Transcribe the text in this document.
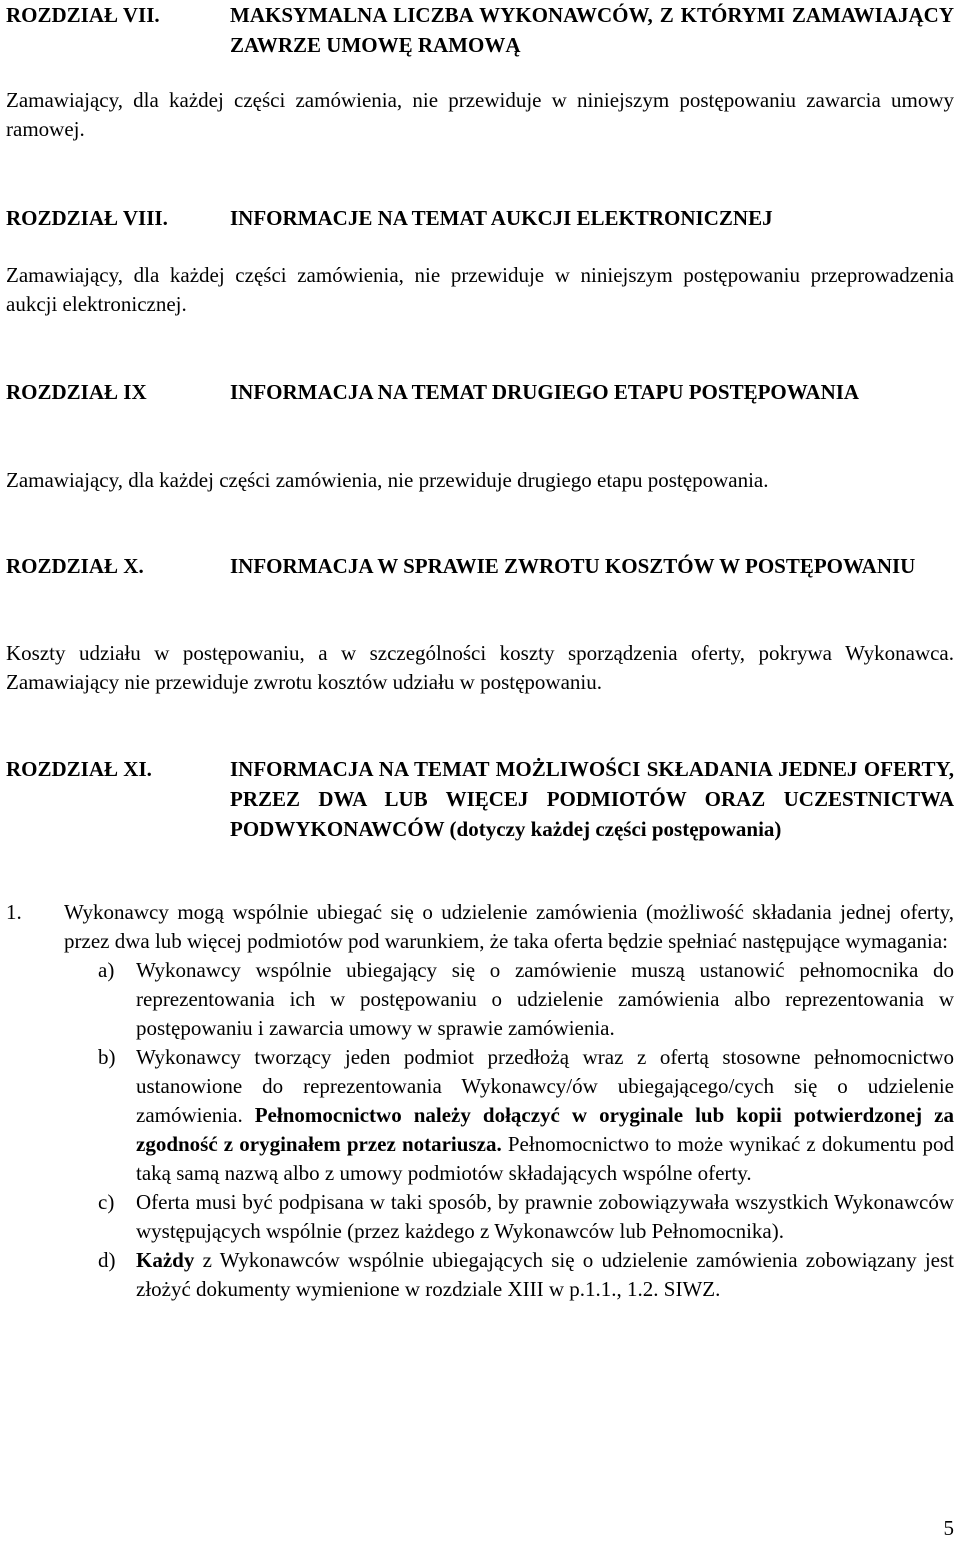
ROZDZIAŁ VII.	MAKSYMALNA LICZBA WYKONAWCÓW, Z KTÓRYMI ZAMAWIAJĄCY ZAWRZE UMOWĘ RAMOWĄ
Zamawiający, dla każdej części zamówienia, nie przewiduje w niniejszym postępowaniu zawarcia umowy ramowej.
ROZDZIAŁ VIII.	INFORMACJE NA TEMAT AUKCJI ELEKTRONICZNEJ
Zamawiający, dla każdej części zamówienia, nie przewiduje w niniejszym postępowaniu przeprowadzenia aukcji elektronicznej.
ROZDZIAŁ IX	INFORMACJA NA TEMAT DRUGIEGO ETAPU POSTĘPOWANIA
Zamawiający, dla każdej części zamówienia, nie przewiduje drugiego etapu postępowania.
ROZDZIAŁ X.	INFORMACJA W SPRAWIE ZWROTU KOSZTÓW W POSTĘPOWANIU
Koszty udziału w postępowaniu, a w szczególności koszty sporządzenia oferty, pokrywa Wykonawca. Zamawiający nie przewiduje zwrotu kosztów udziału w postępowaniu.
ROZDZIAŁ XI.	INFORMACJA NA TEMAT MOŻLIWOŚCI SKŁADANIA JEDNEJ OFERTY, PRZEZ DWA LUB WIĘCEJ PODMIOTÓW ORAZ UCZESTNICTWA PODWYKONAWCÓW (dotyczy każdej części postępowania)
1. Wykonawcy mogą wspólnie ubiegać się o udzielenie zamówienia (możliwość składania jednej oferty, przez dwa lub więcej podmiotów pod warunkiem, że taka oferta będzie spełniać następujące wymagania:
a) Wykonawcy wspólnie ubiegający się o zamówienie muszą ustanowić pełnomocnika do reprezentowania ich w postępowaniu o udzielenie zamówienia albo reprezentowania w postępowaniu i zawarcia umowy w sprawie zamówienia.
b) Wykonawcy tworzący jeden podmiot przedłożą wraz z ofertą stosowne pełnomocnictwo ustanowione do reprezentowania Wykonawcy/ów ubiegającego/cych się o udzielenie zamówienia. Pełnomocnictwo należy dołączyć w oryginale lub kopii potwierdzonej za zgodność z oryginałem przez notariusza. Pełnomocnictwo to może wynikać z dokumentu pod taką samą nazwą albo z umowy podmiotów składających wspólne oferty.
c) Oferta musi być podpisana w taki sposób, by prawnie zobowiązywała wszystkich Wykonawców występujących wspólnie (przez każdego z Wykonawców lub Pełnomocnika).
d) Każdy z Wykonawców wspólnie ubiegających się o udzielenie zamówienia zobowiązany jest złożyć dokumenty wymienione w rozdziale XIII w p.1.1., 1.2. SIWZ.
5
